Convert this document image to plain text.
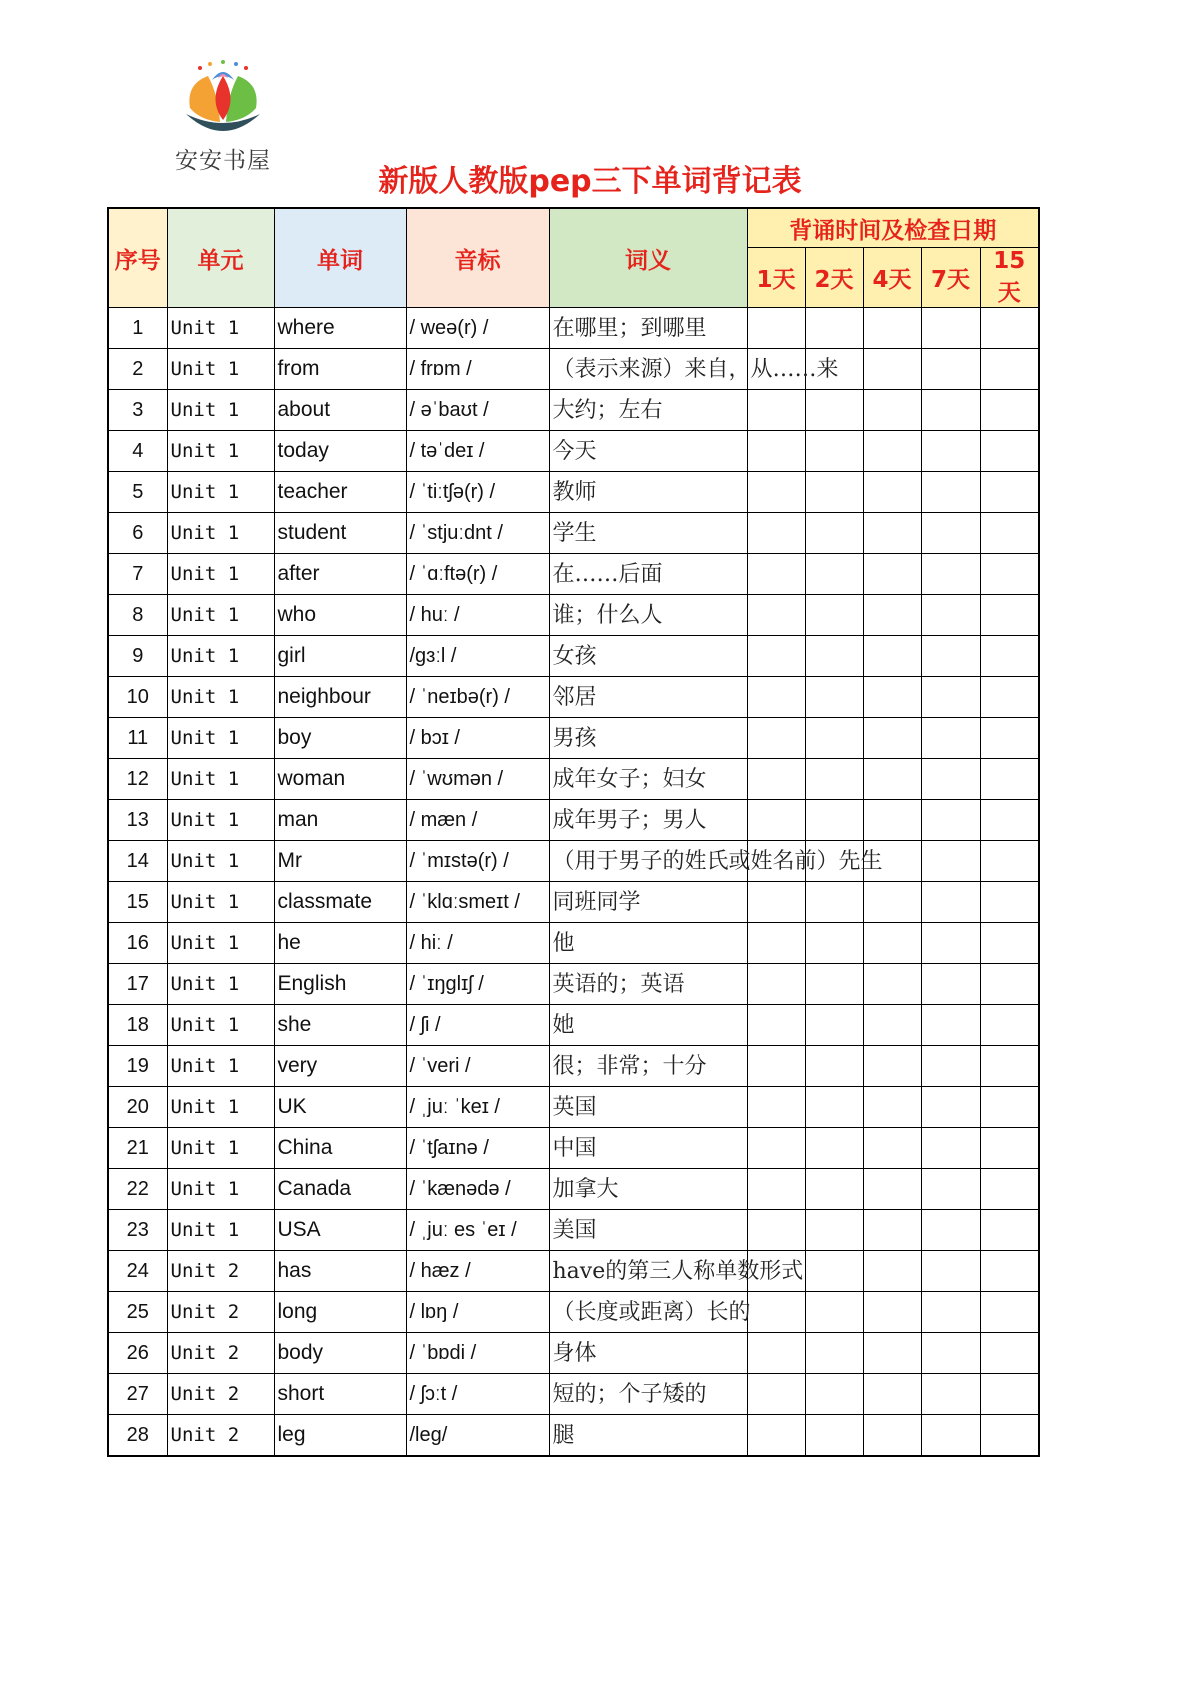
安安书屋
新版人教版pep三下单词背记表
序号	单元	单词	音标	词义	背诵时间及检查日期				
					1天	2天	4天	7天	15天
1	Unit 1	where	/ weə(r) /	在哪里；到哪里					
2	Unit 1	from	/ frɒm /	（表示来源）来自，从……来					
3	Unit 1	about	/ əˈbaʊt /	大约；左右					
4	Unit 1	today	/ təˈdeɪ /	今天					
5	Unit 1	teacher	/ ˈtiːtʃə(r) /	教师					
6	Unit 1	student	/ ˈstjuːdnt /	学生					
7	Unit 1	after	/ ˈɑːftə(r) /	在……后面					
8	Unit 1	who	/ huː /	谁；什么人					
9	Unit 1	girl	/ɡɜːl /	女孩					
10	Unit 1	neighbour	/ ˈneɪbə(r) /	邻居					
11	Unit 1	boy	/ bɔɪ /	男孩					
12	Unit 1	woman	/ ˈwʊmən /	成年女子；妇女					
13	Unit 1	man	/ mæn /	成年男子；男人					
14	Unit 1	Mr	/ ˈmɪstə(r) /	（用于男子的姓氏或姓名前）先生					
15	Unit 1	classmate	/ ˈklɑːsmeɪt /	同班同学					
16	Unit 1	he	/ hiː /	他					
17	Unit 1	English	/ ˈɪŋɡlɪʃ /	英语的；英语					
18	Unit 1	she	/ ʃi /	她					
19	Unit 1	very	/ ˈveri /	很；非常；十分					
20	Unit 1	UK	/ ˌjuː ˈkeɪ /	英国					
21	Unit 1	China	/ ˈtʃaɪnə /	中国					
22	Unit 1	Canada	/ ˈkænədə /	加拿大					
23	Unit 1	USA	/ ˌjuː es ˈeɪ /	美国					
24	Unit 2	has	/ hæz /	have的第三人称单数形式					
25	Unit 2	long	/ lɒŋ /	（长度或距离）长的					
26	Unit 2	body	/ ˈbɒdi /	身体					
27	Unit 2	short	/ ʃɔːt /	短的；个子矮的					
28	Unit 2	leg	/leɡ/	腿					
